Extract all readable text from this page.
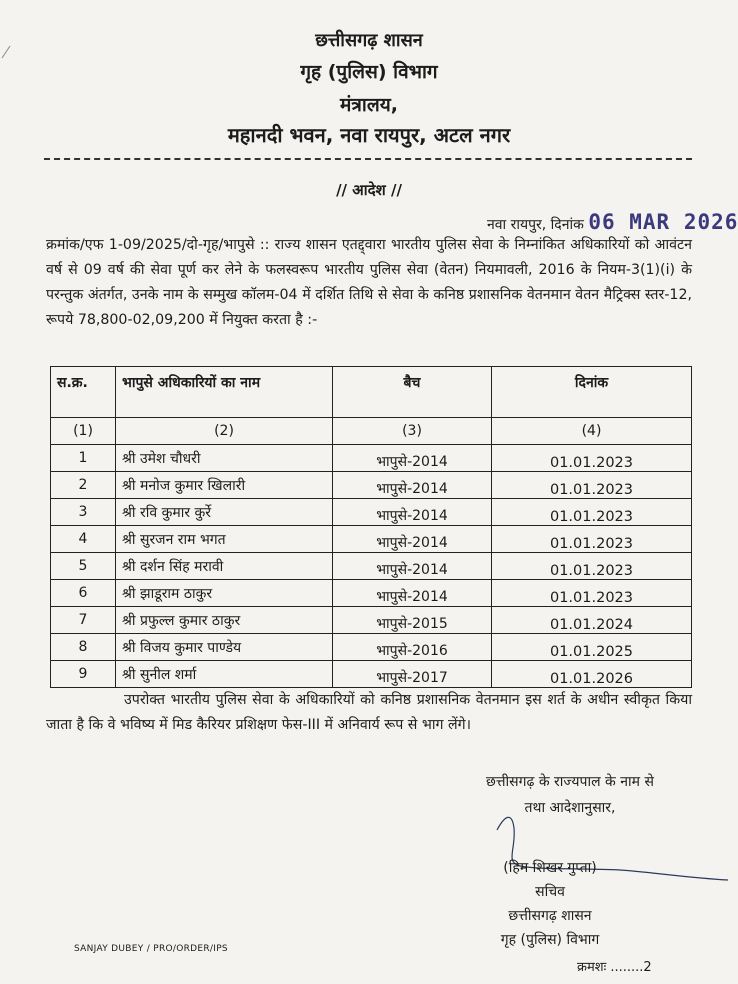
छत्तीसगढ़ शासन
गृह (पुलिस) विभाग
मंत्रालय,
महानदी भवन, नवा रायपुर, अटल नगर
// आदेश //
नवा रायपुर, दिनांक 06 MAR 2026
क्रमांक/एफ 1-09/2025/दो-गृह/भापुसे :: राज्य शासन एतद्द्वारा भारतीय पुलिस सेवा के निम्नांकित अधिकारियों को आवंटन वर्ष से 09 वर्ष की सेवा पूर्ण कर लेने के फलस्वरूप भारतीय पुलिस सेवा (वेतन) नियमावली, 2016 के नियम-3(1)(i) के परन्तुक अंतर्गत, उनके नाम के सम्मुख कॉलम-04 में दर्शित तिथि से सेवा के कनिष्ठ प्रशासनिक वेतनमान वेतन मैट्रिक्स स्तर-12, रूपये 78,800-02,09,200 में नियुक्त करता है :-
स.क्र.	भापुसे अधिकारियों का नाम	बैच	दिनांक
(1)	(2)	(3)	(4)
1	श्री उमेश चौधरी	भापुसे-2014	01.01.2023
2	श्री मनोज कुमार खिलारी	भापुसे-2014	01.01.2023
3	श्री रवि कुमार कुर्रे	भापुसे-2014	01.01.2023
4	श्री सुरजन राम भगत	भापुसे-2014	01.01.2023
5	श्री दर्शन सिंह मरावी	भापुसे-2014	01.01.2023
6	श्री झाडूराम ठाकुर	भापुसे-2014	01.01.2023
7	श्री प्रफुल्ल कुमार ठाकुर	भापुसे-2015	01.01.2024
8	श्री विजय कुमार पाण्डेय	भापुसे-2016	01.01.2025
9	श्री सुनील शर्मा	भापुसे-2017	01.01.2026
उपरोक्त भारतीय पुलिस सेवा के अधिकारियों को कनिष्ठ प्रशासनिक वेतनमान इस शर्त के अधीन स्वीकृत किया जाता है कि वे भविष्य में मिड कैरियर प्रशिक्षण फेस-III में अनिवार्य रूप से भाग लेंगे।
छत्तीसगढ़ के राज्यपाल के नाम से
तथा आदेशानुसार,
(हिम शिखर गुप्ता)
सचिव
छत्तीसगढ़ शासन
गृह (पुलिस) विभाग
SANJAY DUBEY / PRO/ORDER/IPS
क्रमशः ........2
